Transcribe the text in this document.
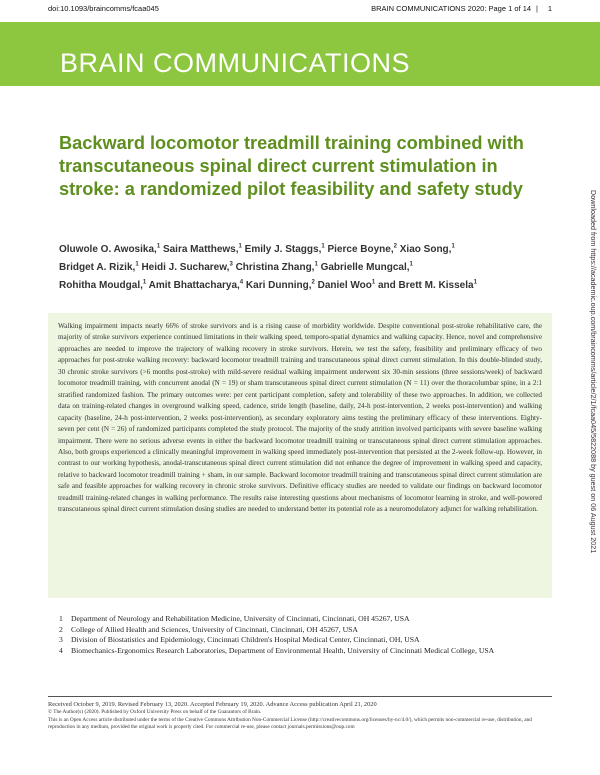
BRAIN COMMUNICATIONS
doi:10.1093/braincomms/fcaa045	BRAIN COMMUNICATIONS 2020: Page 1 of 14 |	1
Backward locomotor treadmill training combined with transcutaneous spinal direct current stimulation in stroke: a randomized pilot feasibility and safety study

Oluwole O. Awosika,$^1$ Saira Matthews,$^1$ Emily J. Staggs,$^1$ Pierce Boyne,$^2$ Xiao Song,$^1$
Bridget A. Rizik,$^1$ Heidi J. Sucharew,$^3$ Christina Zhang,$^1$ Gabrielle Mungcal,$^1$
Rohitha Moudgal,$^1$ Amit Bhattacharya,$^4$ Kari Dunning,$^2$ Daniel Woo$^1$ and Brett M. Kissela$^1$

Walking impairment impacts nearly 66% of stroke survivors and is a rising cause of morbidity worldwide. Despite conventional post-stroke rehabilitative care, the majority of stroke survivors experience continued limitations in their walking speed, temporo-spatial dynamics and walking capacity. Hence, novel and comprehensive approaches are needed to improve the trajectory of walking recovery in stroke survivors. Herein, we test the safety, feasibility and preliminary efficacy of two approaches for post-stroke walking recovery: backward locomotor treadmill training and transcutaneous spinal direct current stimulation. In this double-blinded study, 30 chronic stroke survivors (>6 months post-stroke) with mild-severe residual walking impairment underwent six 30-min sessions (three sessions/week) of backward locomotor treadmill training, with concurrent anodal (N = 19) or sham transcutaneous spinal direct current stimulation (N = 11) over the thoracolumbar spine, in a 2:1 stratified randomized fashion. The primary outcomes were: per cent participant completion, safety and tolerability of these two approaches. In addition, we collected data on training-related changes in overground walking speed, cadence, stride length (baseline, daily, 24-h post-intervention, 2 weeks post-intervention) and walking capacity (baseline, 24-h post-intervention, 2 weeks post-intervention), as secondary exploratory aims testing the preliminary efficacy of these interventions. Eighty-seven per cent (N = 26) of randomized participants completed the study protocol. The majority of the study attrition involved participants with severe baseline walking impairment. There were no serious adverse events in either the backward locomotor treadmill training or transcutaneous spinal direct current stimulation approaches. Also, both groups experienced a clinically meaningful improvement in walking speed immediately post-intervention that persisted at the 2-week follow-up. However, in contrast to our working hypothesis, anodal-transcutaneous spinal direct current stimulation did not enhance the degree of improvement in walking speed and capacity, relative to backward locomotor treadmill training + sham, in our sample. Backward locomotor treadmill training and transcutaneous spinal direct current stimulation are safe and feasible approaches for walking recovery in chronic stroke survivors. Definitive efficacy studies are needed to validate our findings on backward locomotor treadmill training-related changes in walking performance. The results raise interesting questions about mechanisms of locomotor learning in stroke, and well-powered transcutaneous spinal direct current stimulation dosing studies are needed to understand better its potential role as a neuromodulatory adjunct for walking rehabilitation.

1 Department of Neurology and Rehabilitation Medicine, University of Cincinnati, Cincinnati, OH 45267, USA
2 College of Allied Health and Sciences, University of Cincinnati, Cincinnati, OH 45267, USA
3 Division of Biostatistics and Epidemiology, Cincinnati Children's Hospital Medical Center, Cincinnati, OH, USA
4 Biomechanics-Ergonomics Research Laboratories, Department of Environmental Health, University of Cincinnati Medical College, USA
Received October 9, 2019. Revised February 13, 2020. Accepted February 19, 2020. Advance Access publication April 21, 2020
© The Author(s) (2020). Published by Oxford University Press on behalf of the Guarantors of Brain.
This is an Open Access article distributed under the terms of the Creative Commons Attribution Non-Commercial License (http://creativecommons.org/licenses/by-nc/4.0/), which permits non-commercial re-use, distribution, and reproduction in any medium, provided the original work is properly cited. For commercial re-use, please contact journals.permissions@oup.com
Downloaded from https://academic.oup.com/braincomms/article/2/1/fcaa045/5822088 by guest on 06 August 2021
